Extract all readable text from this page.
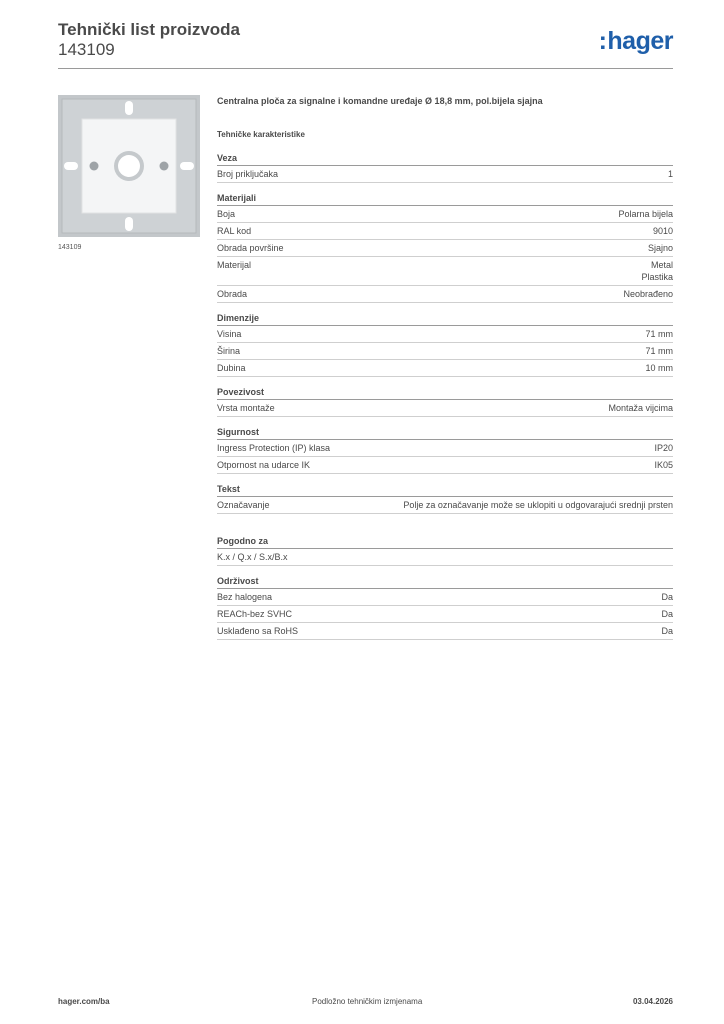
Tehnički list proizvoda
143109	:hager
143109
Centralna ploča za signalne i komandne uređaje Ø 18,8 mm, pol.bijela sjajna
Tehničke karakteristike
Veza
Broj priključaka	1
Materijali
Boja	Polarna bijela
RAL kod	9010
Obrada površine	Sjajno
Materijal	Metal
Plastika
Obrada	Neobrađeno
Dimenzije
Visina	71 mm
Širina	71 mm
Dubina	10 mm
Povezivost
Vrsta montaže	Montaža vijcima
Sigurnost
Ingress Protection (IP) klasa	IP20
Otpornost na udarce IK	IK05
Tekst
Označavanje	Polje za označavanje može se uklopiti u odgovarajući srednji prsten
Pogodno za
K.x / Q.x / S.x/B.x
Održivost
Bez halogena	Da
REACh-bez SVHC	Da
Usklađeno sa RoHS	Da
hager.com/ba	Podložno tehničkim izmjenama	03.04.2026
